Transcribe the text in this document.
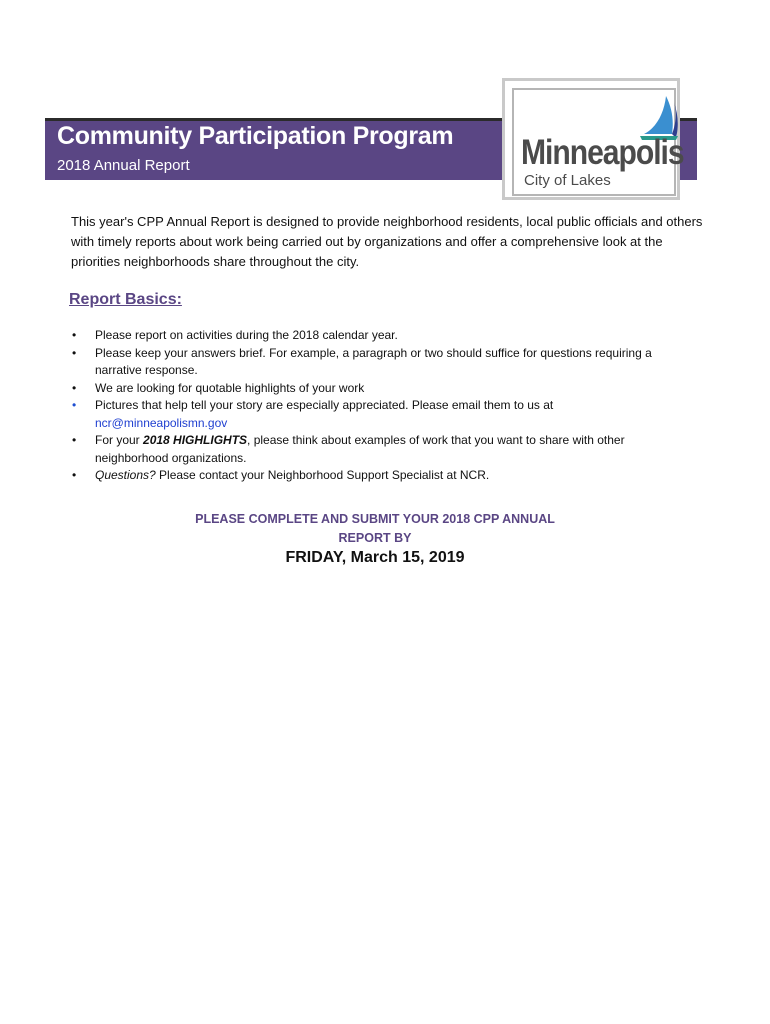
Community Participation Program
2018 Annual Report	Minneapolis
City of Lakes

This year's CPP Annual Report is designed to provide neighborhood residents, local public officials and others with timely reports about work being carried out by organizations and offer a comprehensive look at the priorities neighborhoods share throughout the city.

Report Basics:
• Please report on activities during the 2018 calendar year.
• Please keep your answers brief. For example, a paragraph or two should suffice for questions requiring a narrative response.
• We are looking for quotable highlights of your work
• Pictures that help tell your story are especially appreciated. Please email them to us at
ncr@minneapolismn.gov
• For your 2018 HIGHLIGHTS, please think about examples of work that you want to share with other neighborhood organizations.
• Questions? Please contact your Neighborhood Support Specialist at NCR.
PLEASE COMPLETE AND SUBMIT YOUR 2018 CPP ANNUAL
REPORT BY
FRIDAY, March 15, 2019
